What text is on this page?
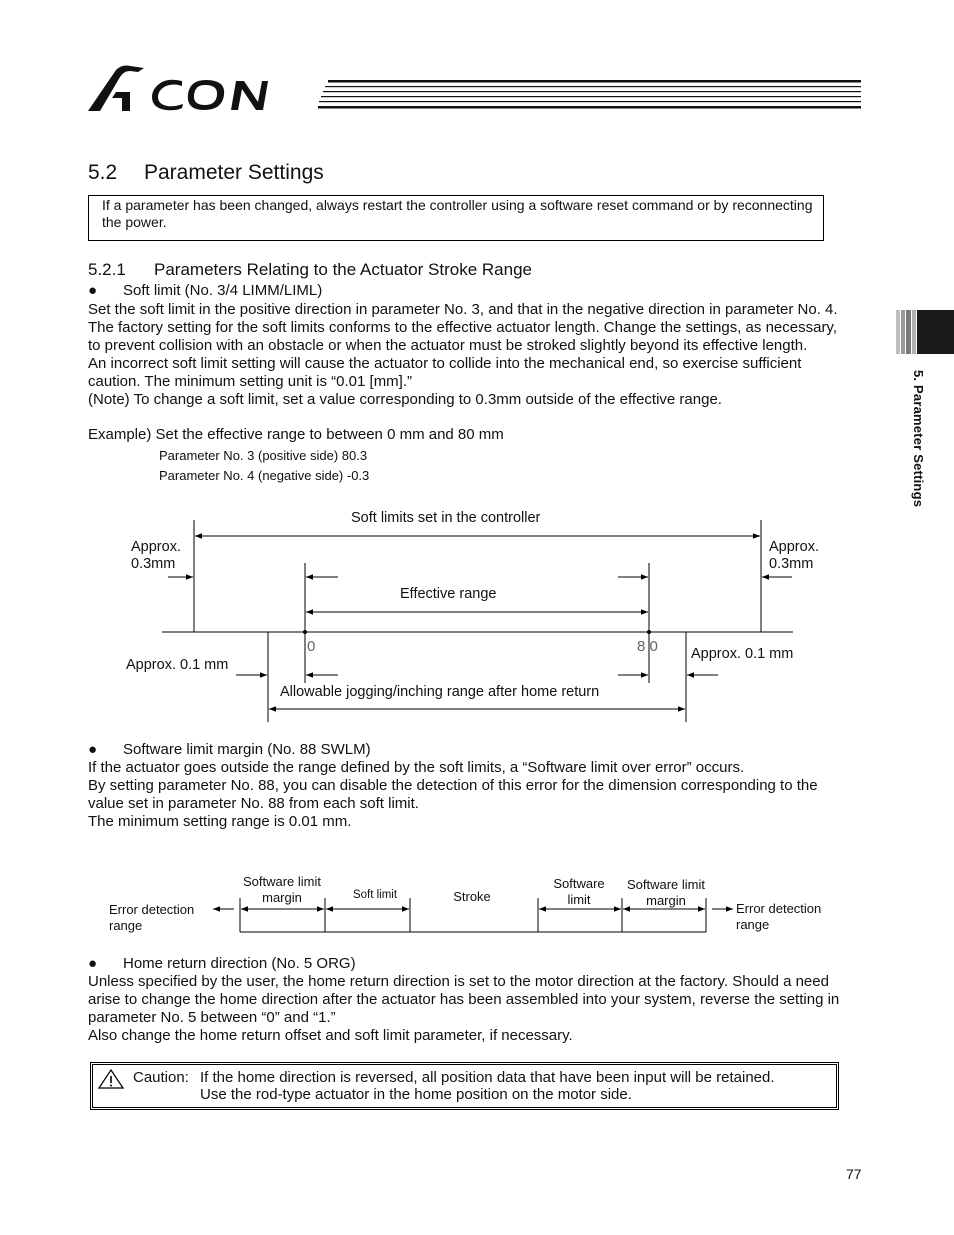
5.2 Parameter Settings
If a parameter has been changed, always restart the controller using a software reset command or by reconnecting the power.
5.2.1 Parameters Relating to the Actuator Stroke Range
● Soft limit (No. 3/4 LIMM/LIML)
Set the soft limit in the positive direction in parameter No. 3, and that in the negative direction in parameter No. 4.
The factory setting for the soft limits conforms to the effective actuator length. Change the settings, as necessary,
to prevent collision with an obstacle or when the actuator must be stroked slightly beyond its effective length.
An incorrect soft limit setting will cause the actuator to collide into the mechanical end, so exercise sufficient
caution. The minimum setting unit is “0.01 [mm].”
(Note) To change a soft limit, set a value corresponding to 0.3mm outside of the effective range.
Example) Set the effective range to between 0 mm and 80 mm
Parameter No. 3 (positive side) 80.3
Parameter No. 4 (negative side) -0.3
Soft limits set in the controller
Approx.
0.3mm
Approx.
0.3mm
Effective range
0	8 0
Approx. 0.1 mm
Approx. 0.1 mm
Allowable jogging/inching range after home return
● Software limit margin (No. 88 SWLM)
If the actuator goes outside the range defined by the soft limits, a “Software limit over error” occurs.
By setting parameter No. 88, you can disable the detection of this error for the dimension corresponding to the
value set in parameter No. 88 from each soft limit.
The minimum setting range is 0.01 mm.
Error detection
range
Software limit
margin	Soft limit	Stroke
Software
limit
Software limit
margin
Error detection
range
● Home return direction (No. 5 ORG)
Unless specified by the user, the home return direction is set to the motor direction at the factory. Should a need
arise to change the home direction after the actuator has been assembled into your system, reverse the setting in
parameter No. 5 between “0” and “1.”
Also change the home return offset and soft limit parameter, if necessary.
Caution: If the home direction is reversed, all position data that have been input will be retained.
Use the rod-type actuator in the home position on the motor side.
5. Parameter Settings
77
